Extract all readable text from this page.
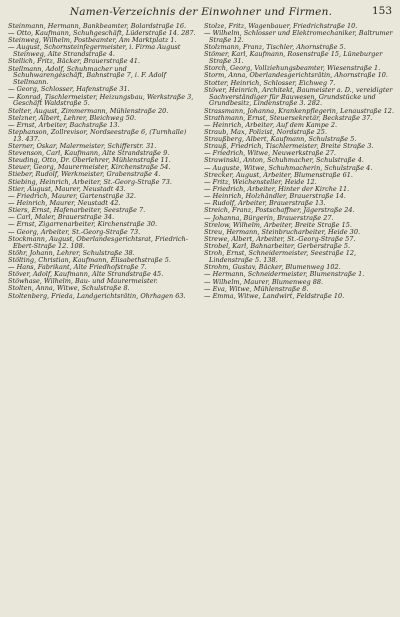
Namen-Verzeichnis der Einwohner und Firmen.	153

Steinmann, Hermann, Bankbeamter, Bolardstraße 16.

— Otto, Kaufmann, Schuhgeschäft, Lüderstraße 14. 287.

Steinweg, Wilhelm, Postbeamter, Am Marktplatz 1.

— August, Schornsteinfegermeister, i. Firma August Steinweg, Alte Strandstraße 4.

Stellich, Fritz, Bäcker, Brauerstraße 41.

Stellmann, Adolf, Schuhmacher und Schuhwarengeschäft, Bahnstraße 7, i. F. Adolf Stellmann.

— Georg, Schlosser, Hafenstraße 31.

— Konrad, Tischlermeister, Heizungsbau, Werkstraße 3, Geschäft Waldstraße 5.

Stelter, August, Zimmermann, Mühlenstraße 20.

Stelzner, Albert, Lehrer, Bleichweg 50.

— Ernst, Arbeiter, Bachstraße 13.

Stephanson, Zollrevisor, Nordseestraße 6, (Turnhalle) 13. 437.

Sterner, Oskar, Malermeister, Schifferstr. 31.

Stevenson, Carl, Kaufmann, Alte Strandstraße 9.

Steuding, Otto, Dr. Oberlehrer, Mühlenstraße 11.

Steuer, Georg, Maurermeister, Kirchenstraße 54.

Stieber, Rudolf, Werkmeister, Grabenstraße 4.

Stiebing, Heinrich, Arbeiter, St.-Georg-Straße 73.

Stier, August, Maurer, Neustadt 43.

— Friedrich, Maurer, Gartenstraße 32.

— Heinrich, Maurer, Neustadt 42.

Stiers, Ernst, Hafenarbeiter, Seestraße 7.

— Carl, Maler, Brauerstraße 34.

— Ernst, Zigarrenarbeiter, Kirchenstraße 30.

— Georg, Arbeiter, St.-Georg-Straße 73.

Stockmann, August, Oberlandesgerichtsrat, Friedrich-Ebert-Straße 12. 108.

Stöhr, Johann, Lehrer, Schulstraße 38.

Stölting, Christian, Kaufmann, Elisabethstraße 5.

— Hans, Fabrikant, Alte Friedhofstraße 7.

Stöver, Adolf, Kaufmann, Alte Strandstraße 45.

Stöwhase, Wilhelm, Bau- und Maurermeister.

Stolten, Anna, Witwe, Schulstraße 8.

Stoltenberg, Frieda, Landgerichtsrätin, Ohrhagen 63.

Stolze, Fritz, Wagenbauer, Friedrichstraße 10.

— Wilhelm, Schlosser und Elektromechaniker, Baltrumer Straße 12.

Stolzmann, Franz, Tischler, Ahornstraße 5.

Stömer, Karl, Kaufmann, Rosenstraße 15, Lüneburger Straße 31.

Storch, Georg, Vollziehungsbeamter, Wiesenstraße 1.

Storm, Anna, Oberlandesgerichtsrätin, Ahornstraße 10.

Stotter, Heinrich, Schlosser, Eichweg 7.

Stöver, Heinrich, Architekt, Baumeister a. D., vereidigter Sachverständiger für Bauwesen, Grundstücke und Grundbesitz, Lindenstraße 3. 282.

Strassmann, Johanna, Krankenpflegerin, Lenaustraße 12.

Strathmann, Ernst, Steuersekretär, Beckstraße 37.

— Heinrich, Arbeiter, Auf dem Kampe 2.

Straub, Max, Polizist, Nordstraße 25.

Straußberg, Albert, Kaufmann, Schulstraße 5.

Strauß, Friedrich, Tischlermeister, Breite Straße 3.

— Friedrich, Witwe, Neuwerkstraße 27.

Strawinski, Anton, Schuhmacher, Schulstraße 4.

— Auguste, Witwe, Schuhmacherin, Schulstraße 4.

Strecker, August, Arbeiter, Blumenstraße 61.

— Fritz, Weichensteller, Heide 12.

— Friedrich, Arbeiter, Hinter der Kirche 11.

— Heinrich, Holzhändler, Brauerstraße 14.

— Rudolf, Arbeiter, Brauerstraße 13.

Streich, Franz, Postschaffner, Jägerstraße 24.

— Johanna, Bürgerin, Brauerstraße 27.

Strelow, Wilhelm, Arbeiter, Breite Straße 15.

Streu, Hermann, Steinbrucharbeiter, Heide 30.

Strewe, Albert, Arbeiter, St.-Georg-Straße 57.

Strobel, Karl, Bahnarbeiter, Gerberstraße 5.

Stroh, Ernst, Schneidermeister, Seestraße 12, Lindenstraße 5. 138.

Strohm, Gustav, Bäcker, Blumenweg 102.

— Hermann, Schneidermeister, Blumenstraße 1.

— Wilhelm, Maurer, Blumenweg 88.

— Eva, Witwe, Mühlenstraße 8.

— Emma, Witwe, Landwirt, Feldstraße 10.
